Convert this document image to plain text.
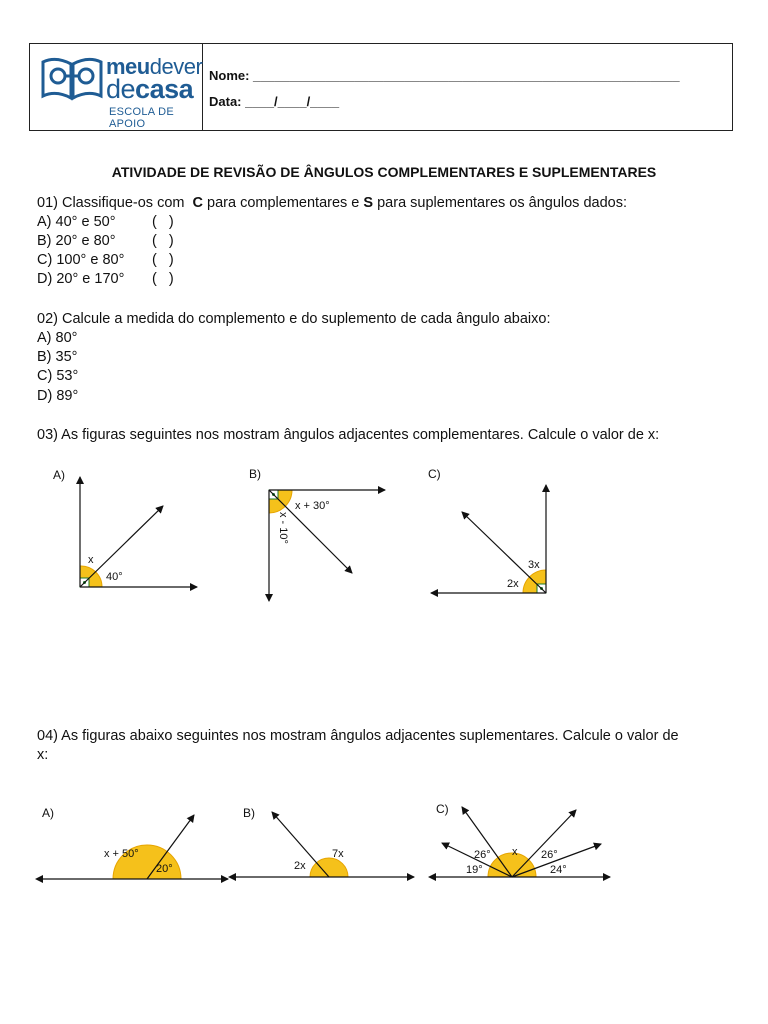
meudever
decasa
ESCOLA DE APOIO
Nome: ___________________________________________________________
Data: ____/____/____
ATIVIDADE DE REVISÃO DE ÂNGULOS COMPLEMENTARES E SUPLEMENTARES
01) Classifique-os com  C para complementares e S para suplementares os ângulos dados:
A) 40° e 50°	(   )
B) 20° e 80°	(   )
C) 100° e 80° (   )
D) 20° e 170° (   )
02) Calcule a medida do complemento e do suplemento de cada ângulo abaixo:
A) 80°
B) 35°
C) 53°
D) 89°
03) As figuras seguintes nos mostram ângulos adjacentes complementares. Calcule o valor de x:
A)	B)	C)
04) As figuras abaixo seguintes nos mostram ângulos adjacentes suplementares. Calcule o valor de
x:
A)	B)	C)
x
40°
x + 30°
x - 10°
3x
2x
x + 50°
20°	2x
7x	26° x 26°
19°	24°
